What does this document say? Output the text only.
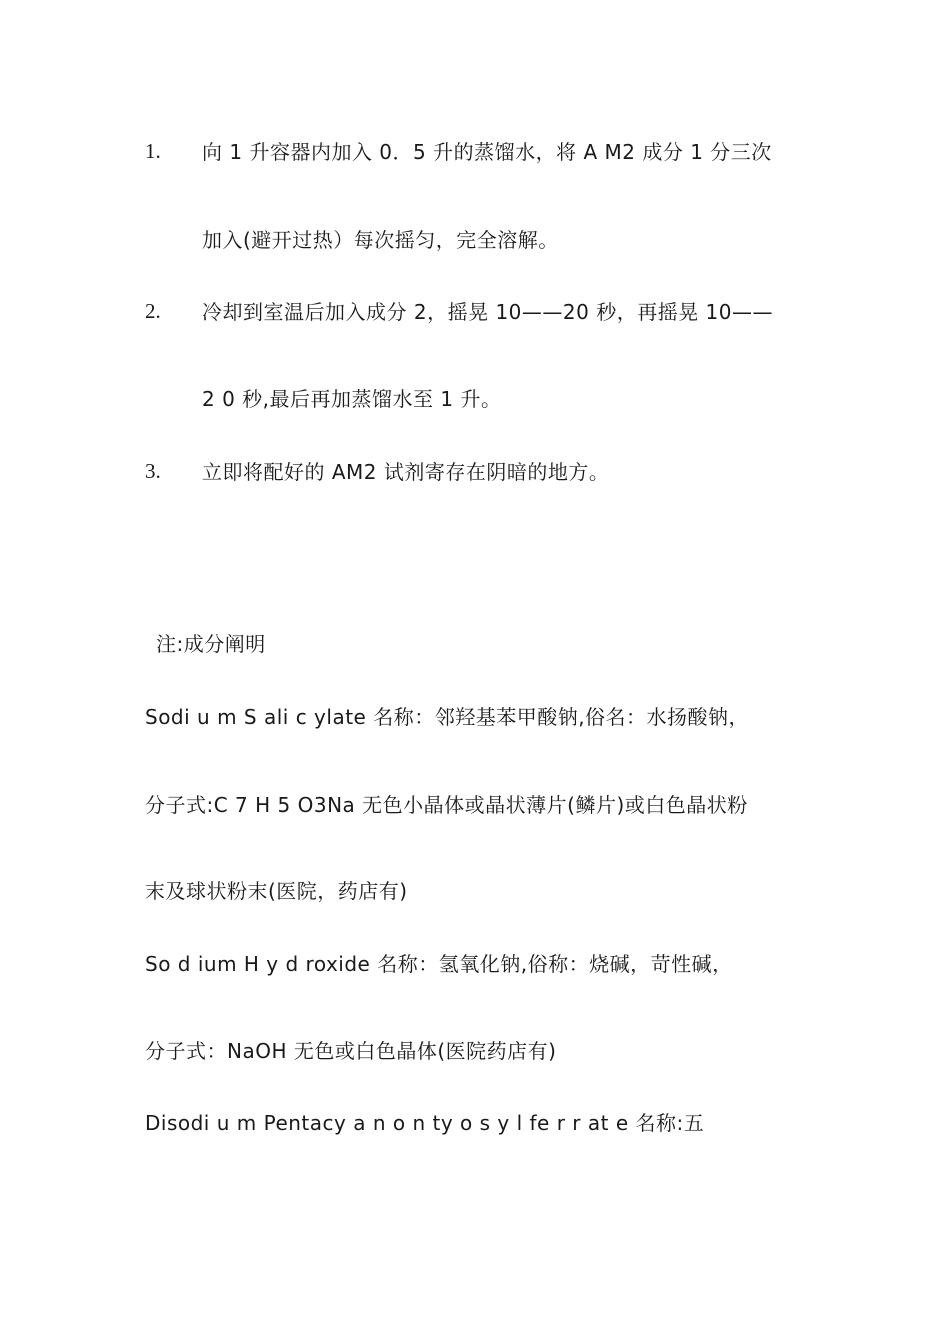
1. 向 1 升容器内加入 0．5 升的蒸馏水，将 A M2 成分 1 分三次
加入(避开过热）每次摇匀，完全溶解。
2. 冷却到室温后加入成分 2，摇晃 10——20 秒，再摇晃 10——
2 0 秒,最后再加蒸馏水至 1 升。
3. 立即将配好的 AM2 试剂寄存在阴暗的地方。
注:成分阐明
Sodi u m S ali c ylate 名称：邻羟基苯甲酸钠,俗名：水扬酸钠，
分子式:C 7 H 5 O3Na 无色小晶体或晶状薄片(鳞片)或白色晶状粉
末及球状粉末(医院，药店有)
So d ium H y d roxide 名称：氢氧化钠,俗称：烧碱，苛性碱，
分子式：NaOH 无色或白色晶体(医院药店有)
Disodi u m Pentacy a n o n ty o s y l fe r r at e 名称:五
